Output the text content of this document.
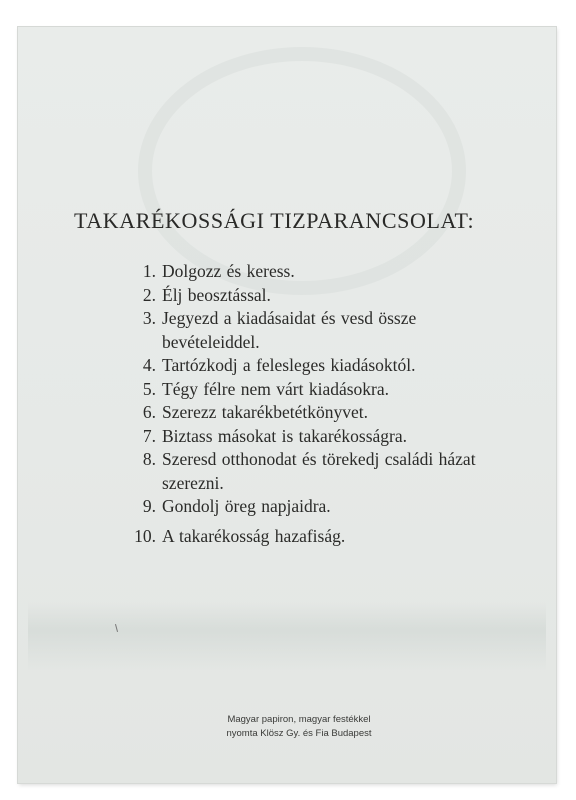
TAKARÉKOSSÁGI TIZPARANCSOLAT:
1. Dolgozz és keress.
2. Élj beosztással.
3. Jegyezd a kiadásaidat és vesd össze bevételeiddel.
4. Tartózkodj a felesleges kiadásoktól.
5. Tégy félre nem várt kiadásokra.
6. Szerezz takarékbetétkönyvet.
7. Biztass másokat is takarékosságra.
8. Szeresd otthonodat és törekedj családi házat szerezni.
9. Gondolj öreg napjaidra.
10. A takarékosság hazafiság.
Magyar papiron, magyar festékkel
nyomta Klösz Gy. és Fia Budapest
